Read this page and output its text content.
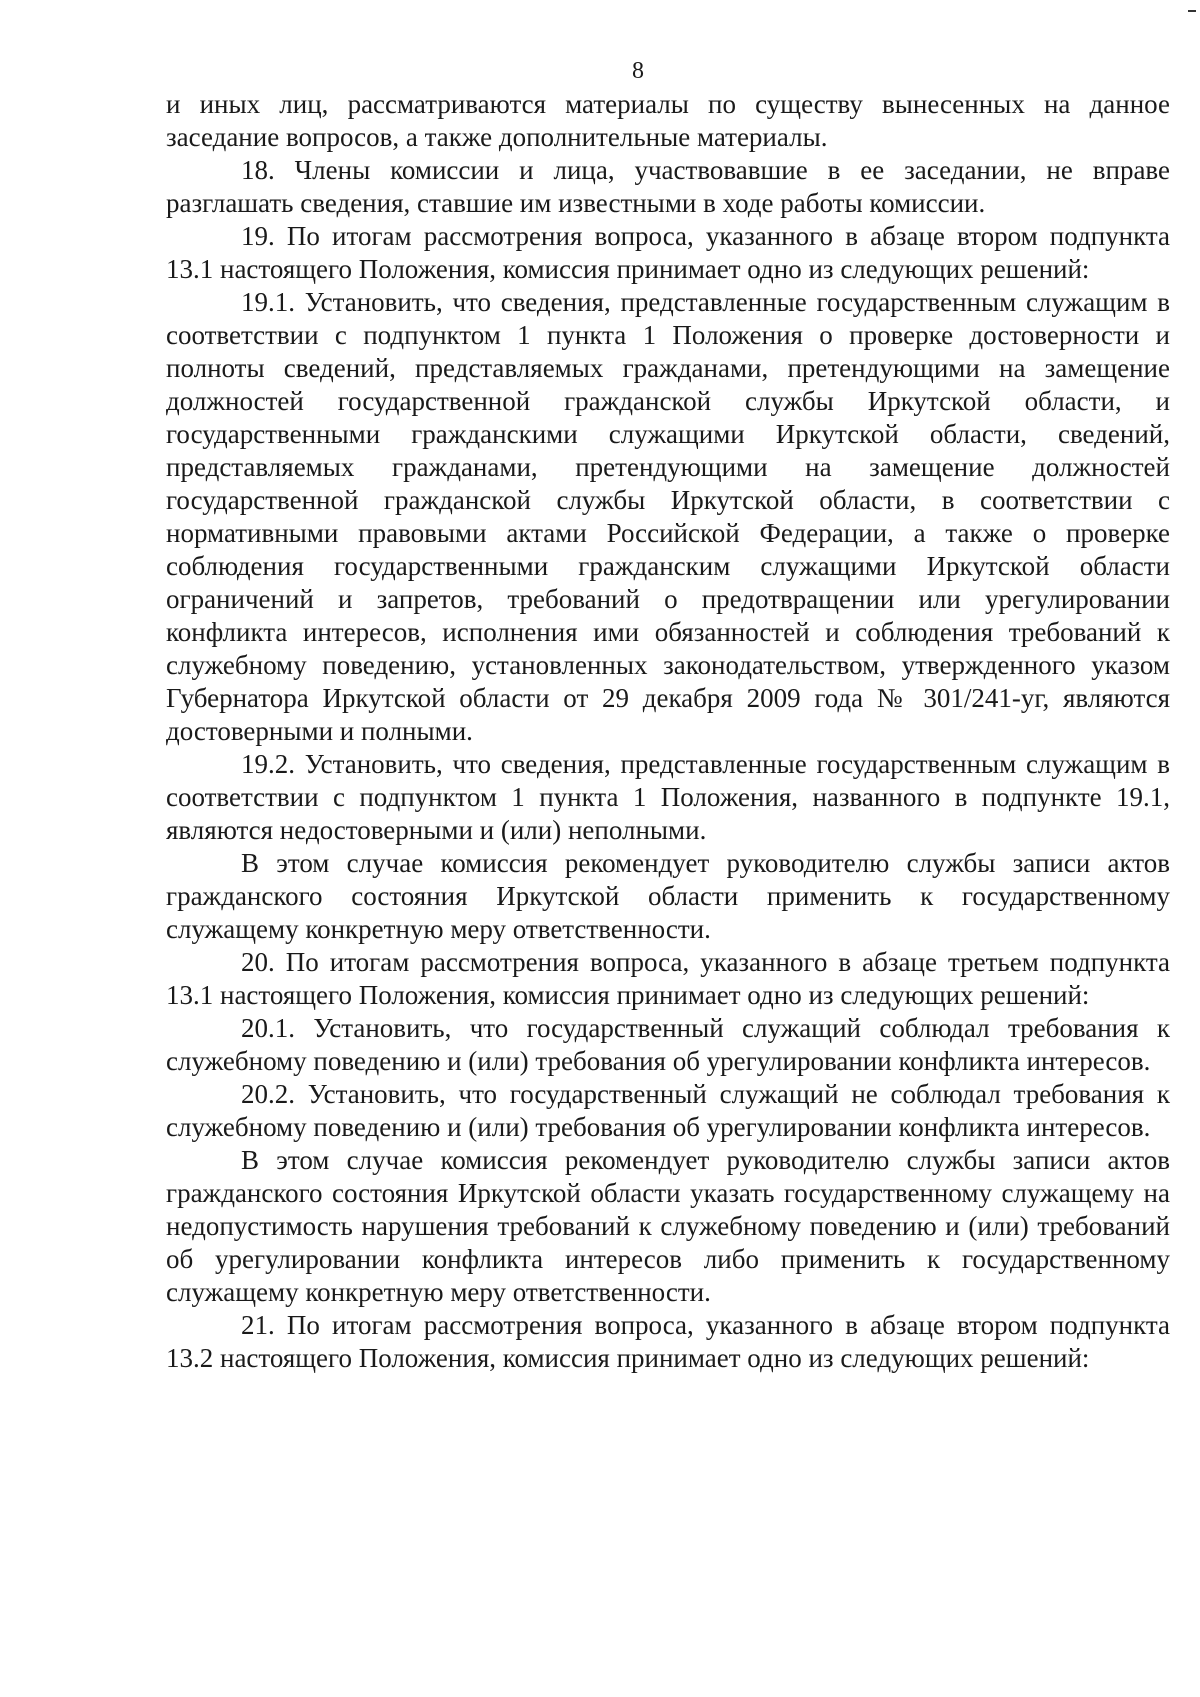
8

и иных лиц, рассматриваются материалы по существу вынесенных на данное заседание вопросов, а также дополнительные материалы.

18. Члены комиссии и лица, участвовавшие в ее заседании, не вправе разглашать сведения, ставшие им известными в ходе работы комиссии.

19. По итогам рассмотрения вопроса, указанного в абзаце втором подпункта 13.1 настоящего Положения, комиссия принимает одно из следующих решений:

19.1. Установить, что сведения, представленные государственным служащим в соответствии с подпунктом 1 пункта 1 Положения о проверке достоверности и полноты сведений, представляемых гражданами, претендующими на замещение должностей государственной гражданской службы Иркутской области, и государственными гражданскими служащими Иркутской области, сведений, представляемых гражданами, претендующими на замещение должностей государственной гражданской службы Иркутской области, в соответствии с нормативными правовыми актами Российской Федерации, а также о проверке соблюдения государственными гражданским служащими Иркутской области ограничений и запретов, требований о предотвращении или урегулировании конфликта интересов, исполнения ими обязанностей и соблюдения требований к служебному поведению, установленных законодательством, утвержденного указом Губернатора Иркутской области от 29 декабря 2009 года № 301/241-уг, являются достоверными и полными.

19.2. Установить, что сведения, представленные государственным служащим в соответствии с подпунктом 1 пункта 1 Положения, названного в подпункте 19.1, являются недостоверными и (или) неполными.

В этом случае комиссия рекомендует руководителю службы записи актов гражданского состояния Иркутской области применить к государственному служащему конкретную меру ответственности.

20. По итогам рассмотрения вопроса, указанного в абзаце третьем подпункта 13.1 настоящего Положения, комиссия принимает одно из следующих решений:

20.1. Установить, что государственный служащий соблюдал требования к служебному поведению и (или) требования об урегулировании конфликта интересов.

20.2. Установить, что государственный служащий не соблюдал требования к служебному поведению и (или) требования об урегулировании конфликта интересов.

В этом случае комиссия рекомендует руководителю службы записи актов гражданского состояния Иркутской области указать государственному служащему на недопустимость нарушения требований к служебному поведению и (или) требований об урегулировании конфликта интересов либо применить к государственному служащему конкретную меру ответственности.

21. По итогам рассмотрения вопроса, указанного в абзаце втором подпункта 13.2 настоящего Положения, комиссия принимает одно из следующих решений:
